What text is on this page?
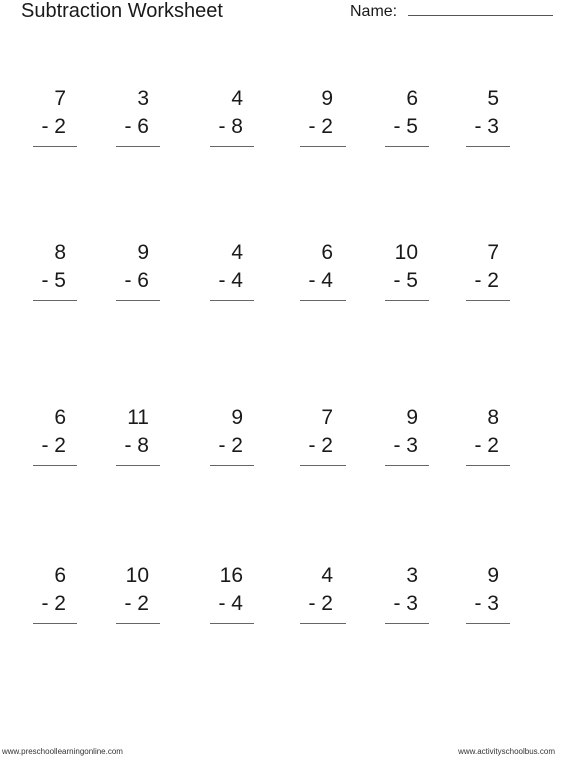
Subtraction Worksheet	Name:
7
- 2
3
- 6
4
- 8
9
- 2
6
- 5
5
- 3
8
- 5
9
- 6
4
- 4
6
- 4
10
- 5
7
- 2
6
- 2
11
- 8
9
- 2
7
- 2
9
- 3
8
- 2
6
- 2
10
- 2
16
- 4
4
- 2
3
- 3
9
- 3
www.preschoollearningonline.com	www.activityschoolbus.com
